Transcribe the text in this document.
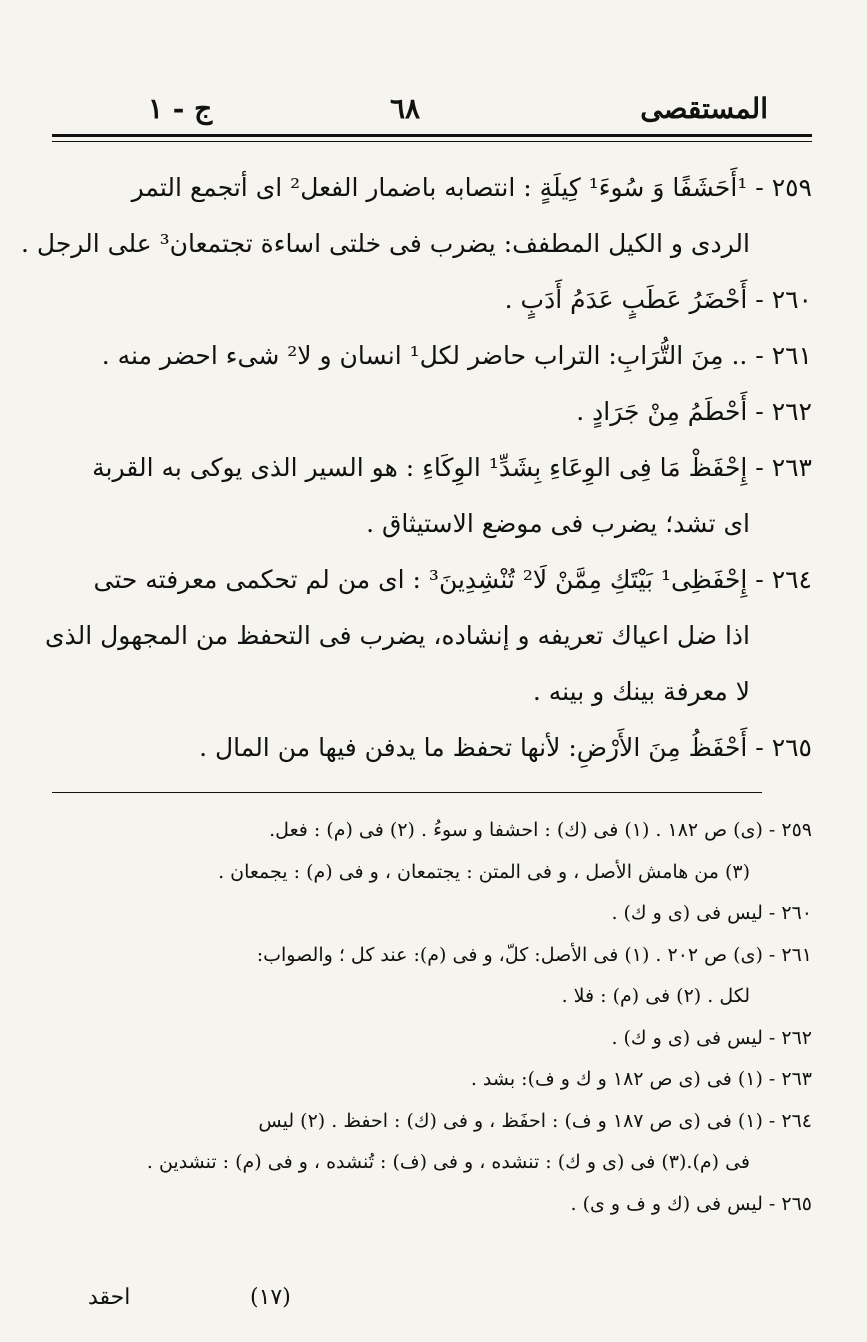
المستقصى
٦٨
ج - ١
٢٥٩ - ¹أَحَشَفًا وَ سُوءَ¹ كِيلَةٍ : انتصابه باضمار الفعل² اى أتجمع التمر
الردى و الكيل المطفف: يضرب فى خلتى اساءة تجتمعان³ على الرجل .
٢٦٠ - أَحْضَرُ عَطَبٍ عَدَمُ أَدَبٍ .
٢٦١ - .. مِنَ التُّرَابِ: التراب حاضر لكل¹ انسان و لا² شىء احضر منه .
٢٦٢ - أَحْطَمُ مِنْ جَرَادٍ .
٢٦٣ - إِحْفَظْ مَا فِى الوِعَاءِ بِشَدِّ¹ الوِكَاءِ : هو السير الذى يوكى به القربة
اى تشد؛ يضرب فى موضع الاستيثاق .
٢٦٤ - إِحْفَظِى¹ بَيْتَكِ مِمَّنْ لَا² تُنْشِدِينَ³ : اى من لم تحكمى معرفته حتى
اذا ضل اعياك تعريفه و إنشاده، يضرب فى التحفظ من المجهول الذى
لا معرفة بينك و بينه .
٢٦٥ - أَحْفَظُ مِنَ الأَرْضِ: لأنها تحفظ ما يدفن فيها من المال .
٢٥٩ - (ى) ص ١٨٢ . (١) فى (ك) : احشفا و سوءُ . (٢) فى (م) : فعل.
(٣) من هامش الأصل ، و فى المتن : يجتمعان ، و فى (م) : يجمعان .
٢٦٠ - ليس فى (ى و ك) .
٢٦١ - (ى) ص ٢٠٢ . (١) فى الأصل: كلّ، و فى (م): عند كل ؛ والصواب:
لكل . (٢) فى (م) : فلا .
٢٦٢ - ليس فى (ى و ك) .
٢٦٣ - (١) فى (ى ص ١٨٢ و ك و ف): بشد .
٢٦٤ - (١) فى (ى ص ١٨٧ و ف) : احفَظ ، و فى (ك) : احفظ . (٢) ليس
فى (م).(٣) فى (ى و ك) : تنشده ، و فى (ف) : تُنشده ، و فى (م) : تنشدين .
٢٦٥ - ليس فى (ك و ف و ى) .
(١٧)
احقد
